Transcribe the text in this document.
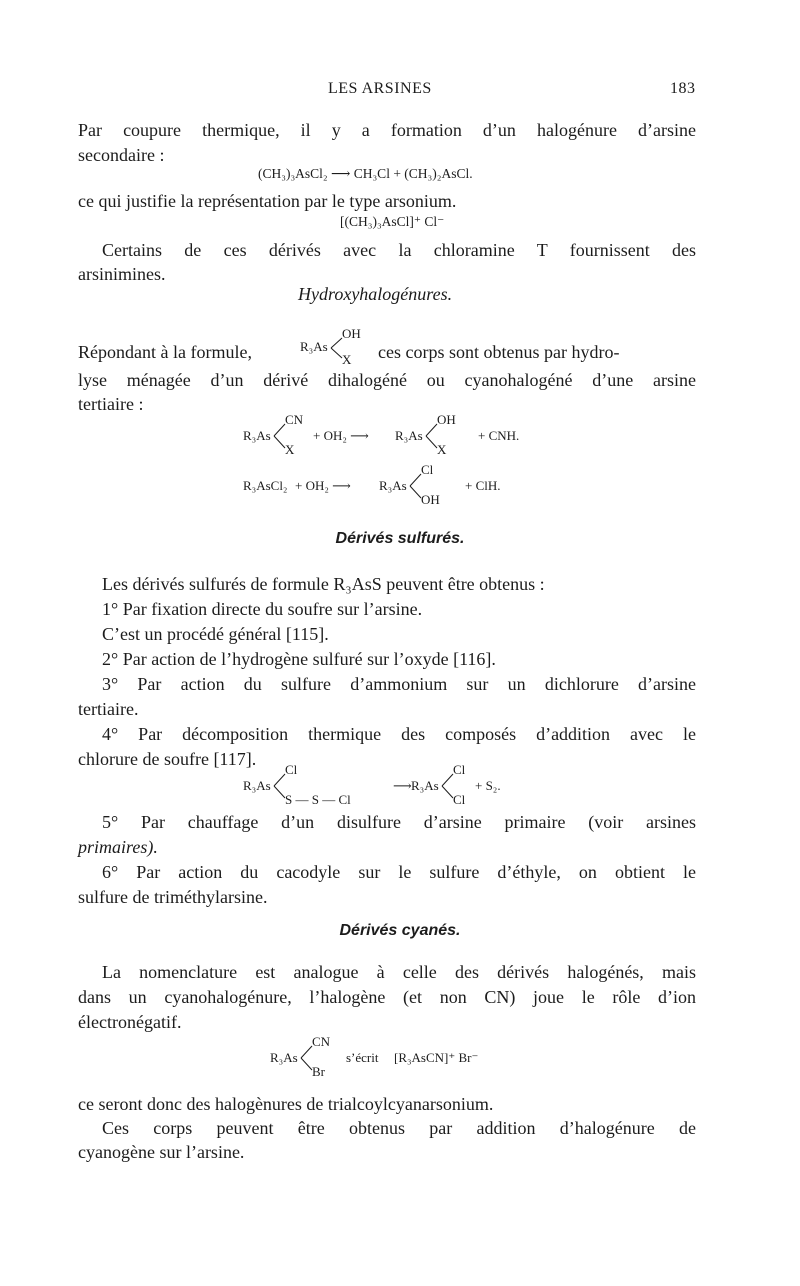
LES ARSINES	183
Par coupure thermique, il y a formation d’un halogénure d’arsine
secondaire :
(CH₃)₃AsCl₂ ⟶ CH₃Cl + (CH₃)₂AsCl.
ce qui justifie la représentation par le type arsonium.
[(CH₃)₃AsCl]⁺ Cl⁻
Certains de ces dérivés avec la chloramine T fournissent des
arsinimines.
Hydroxyhalogénures.
Répondant à la formule,	R₃As
OH
X ces corps sont obtenus par hydro-
lyse ménagée d’un dérivé dihalogéné ou cyanohalogéné d’une arsine
tertiaire :
R₃As
CN
X
+ OH₂ ⟶ R₃As
OH
X
+ CNH.
R₃AsCl₂ + OH₂ ⟶ R₃As
Cl
OH
+ ClH.
Dérivés sulfurés.
Les dérivés sulfurés de formule R₃AsS peuvent être obtenus :
1° Par fixation directe du soufre sur l’arsine.
C’est un procédé général [115].
2° Par action de l’hydrogène sulfuré sur l’oxyde [116].
3° Par action du sulfure d’ammonium sur un dichlorure d’arsine
tertiaire.
4° Par décomposition thermique des composés d’addition avec le
chlorure de soufre [117].
R₃As
Cl
S — S — Cl
⟶ R₃As
Cl
Cl
+ S₂.
5° Par chauffage d’un disulfure d’arsine primaire (voir arsines
primaires).
6° Par action du cacodyle sur le sulfure d’éthyle, on obtient le
sulfure de triméthylarsine.
Dérivés cyanés.
La nomenclature est analogue à celle des dérivés halogénés, mais
dans un cyanohalogénure, l’halogène (et non CN) joue le rôle d’ion
électronégatif.
R₃As
CN
Br
s’écrit [R₃AsCN]⁺ Br⁻
ce seront donc des halogènures de trialcoylcyanarsonium.
Ces corps peuvent être obtenus par addition d’halogénure de
cyanogène sur l’arsine.
